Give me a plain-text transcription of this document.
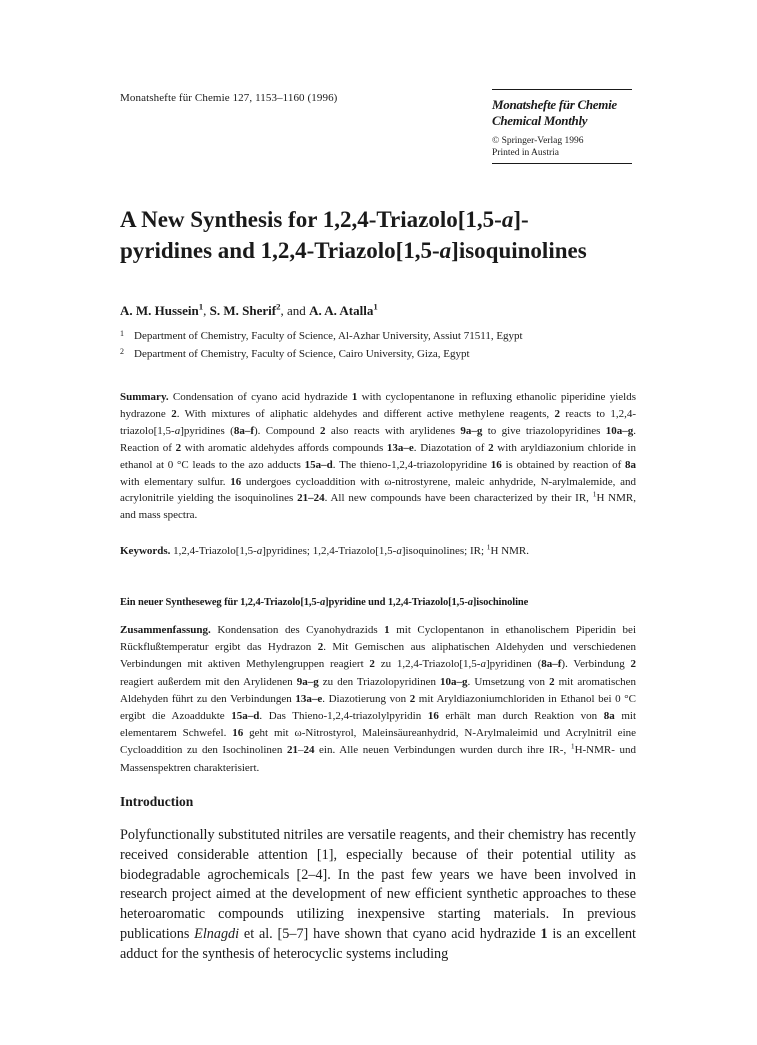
Monatshefte für Chemie 127, 1153–1160 (1996)	Monatshefte für Chemie
Chemical Monthly
© Springer-Verlag 1996
Printed in Austria
A New Synthesis for 1,2,4-Triazolo[1,5-a]-
pyridines and 1,2,4-Triazolo[1,5-a]isoquinolines
A. M. Hussein$^1$, S. M. Sherif$^2$, and A. A. Atalla$^1$
1 Department of Chemistry, Faculty of Science, Al-Azhar University, Assiut 71511, Egypt
2 Department of Chemistry, Faculty of Science, Cairo University, Giza, Egypt

Summary. Condensation of cyano acid hydrazide 1 with cyclopentanone in refluxing ethanolic piperidine yields hydrazone 2. With mixtures of aliphatic aldehydes and different active methylene reagents, 2 reacts to 1,2,4-triazolo[1,5-a]pyridines (8a–f). Compound 2 also reacts with arylidenes 9a–g to give triazolopyridines 10a–g. Reaction of 2 with aromatic aldehydes affords compounds 13a–e. Diazotation of 2 with aryldiazonium chloride in ethanol at 0 °C leads to the azo adducts 15a–d. The thieno-1,2,4-triazolopyridine 16 is obtained by reaction of 8a with elementary sulfur. 16 undergoes cycloaddition with ω-nitrostyrene, maleic anhydride, N-arylmalemide, and acrylonitrile yielding the isoquinolines 21–24. All new compounds have been characterized by their IR, $^1$H NMR, and mass spectra.

Keywords. 1,2,4-Triazolo[1,5-a]pyridines; 1,2,4-Triazolo[1,5-a]isoquinolines; IR; $^1$H NMR.

Ein neuer Syntheseweg für 1,2,4-Triazolo[1,5-a]pyridine und 1,2,4-Triazolo[1,5-a]isochinoline

Zusammenfassung. Kondensation des Cyanohydrazids 1 mit Cyclopentanon in ethanolischem Piperidin bei Rückflußtemperatur ergibt das Hydrazon 2. Mit Gemischen aus aliphatischen Aldehyden und verschiedenen Verbindungen mit aktiven Methylengruppen reagiert 2 zu 1,2,4-Triazolo[1,5-a]pyridinen (8a–f). Verbindung 2 reagiert außerdem mit den Arylidenen 9a–g zu den Triazolopyridinen 10a–g. Umsetzung von 2 mit aromatischen Aldehyden führt zu den Verbindungen 13a–e. Diazotierung von 2 mit Aryldiazoniumchloriden in Ethanol bei 0 °C ergibt die Azoaddukte 15a–d. Das Thieno-1,2,4-triazolylpyridin 16 erhält man durch Reaktion von 8a mit elementarem Schwefel. 16 geht mit ω-Nitrostyrol, Maleinsäureanhydrid, N-Arylmaleimid und Acrylnitril eine Cycloaddition zu den Isochinolinen 21–24 ein. Alle neuen Verbindungen wurden durch ihre IR-, $^1$H-NMR- und Massenspektren charakterisiert.

Introduction

Polyfunctionally substituted nitriles are versatile reagents, and their chemistry has recently received considerable attention [1], especially because of their potential utility as biodegradable agrochemicals [2–4]. In the past few years we have been involved in research project aimed at the development of new efficient synthetic approaches to these heteroaromatic compounds utilizing inexpensive starting materials. In previous publications Elnagdi et al. [5–7] have shown that cyano acid hydrazide 1 is an excellent adduct for the synthesis of heterocyclic systems including
